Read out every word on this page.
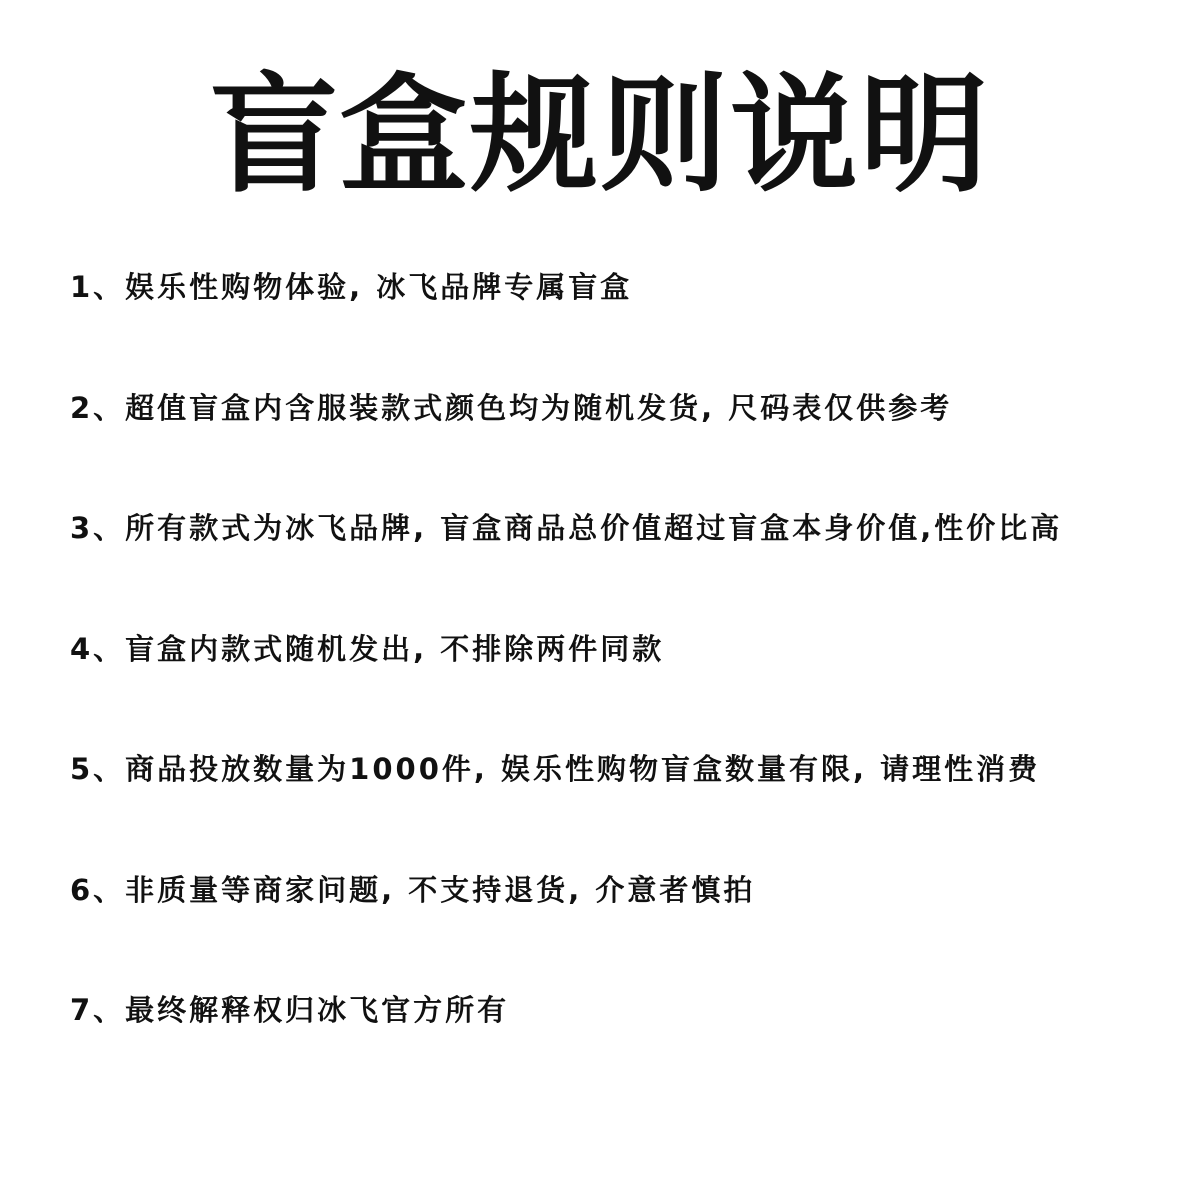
盲盒规则说明
1、娱乐性购物体验, 冰飞品牌专属盲盒
2、超值盲盒内含服装款式颜色均为随机发货, 尺码表仅供参考
3、所有款式为冰飞品牌, 盲盒商品总价值超过盲盒本身价值,性价比高
4、盲盒内款式随机发出, 不排除两件同款
5、商品投放数量为1000件, 娱乐性购物盲盒数量有限, 请理性消费
6、非质量等商家问题, 不支持退货, 介意者慎拍
7、最终解释权归冰飞官方所有
